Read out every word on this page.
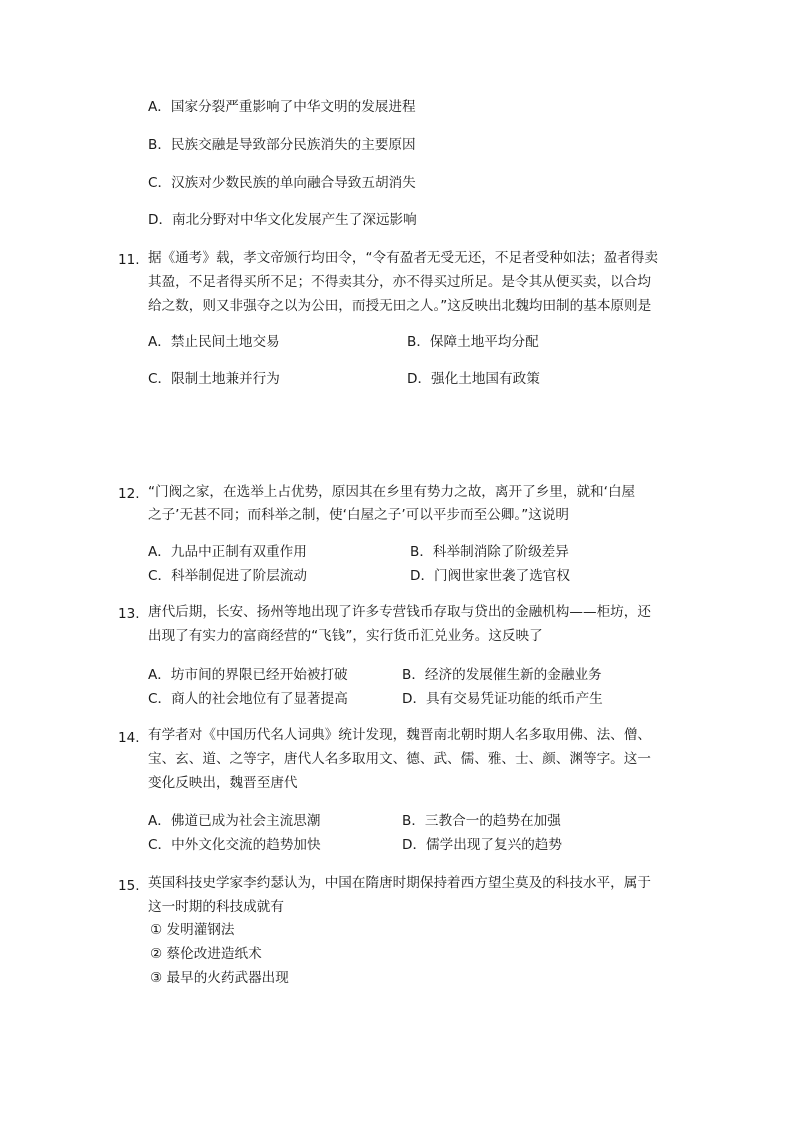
A．国家分裂严重影响了中华文明的发展进程
B．民族交融是导致部分民族消失的主要原因
C．汉族对少数民族的单向融合导致五胡消失
D．南北分野对中华文化发展产生了深远影响
11. 据《通考》载，孝文帝颁行均田令，“令有盈者无受无还，不足者受种如法；盈者得卖
其盈，不足者得买所不足；不得卖其分，亦不得买过所足。是令其从便买卖，以合均
给之数，则又非强夺之以为公田，而授无田之人。”这反映出北魏均田制的基本原则是
A．禁止民间土地交易	B．保障土地平均分配
C．限制土地兼并行为	D．强化土地国有政策
12. “门阀之家，在选举上占优势，原因其在乡里有势力之故，离开了乡里，就和‘白屋
之子’无甚不同；而科举之制，使‘白屋之子’可以平步而至公卿。”这说明
A．九品中正制有双重作用	B．科举制消除了阶级差异
C．科举制促进了阶层流动	D．门阀世家世袭了选官权
13. 唐代后期，长安、扬州等地出现了许多专营钱币存取与贷出的金融机构——柜坊，还
出现了有实力的富商经营的“飞钱”，实行货币汇兑业务。这反映了
A．坊市间的界限已经开始被打破	B．经济的发展催生新的金融业务
C．商人的社会地位有了显著提高	D．具有交易凭证功能的纸币产生
14. 有学者对《中国历代名人词典》统计发现，魏晋南北朝时期人名多取用佛、法、僧、
宝、玄、道、之等字，唐代人名多取用文、德、武、儒、雅、士、颜、渊等字。这一
变化反映出，魏晋至唐代
A．佛道已成为社会主流思潮	B．三教合一的趋势在加强
C．中外文化交流的趋势加快	D．儒学出现了复兴的趋势
15. 英国科技史学家李约瑟认为，中国在隋唐时期保持着西方望尘莫及的科技水平，属于
这一时期的科技成就有
① 发明灌钢法
② 蔡伦改进造纸术
③ 最早的火药武器出现
